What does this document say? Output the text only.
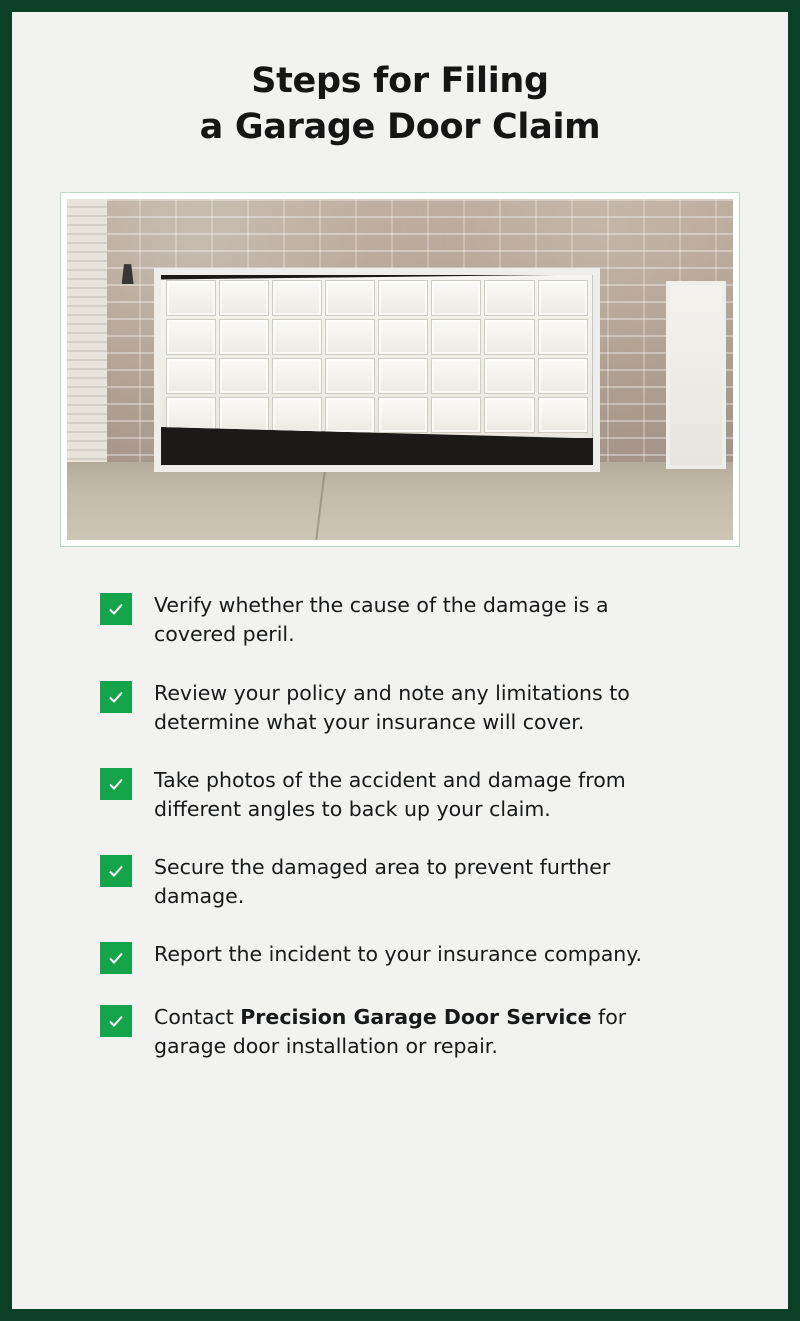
Steps for Filing
a Garage Door Claim
Verify whether the cause of the damage is a covered peril.
Review your policy and note any limitations to determine what your insurance will cover.
Take photos of the accident and damage from different angles to back up your claim.
Secure the damaged area to prevent further damage.
Report the incident to your insurance company.
Contact Precision Garage Door Service for garage door installation or repair.
